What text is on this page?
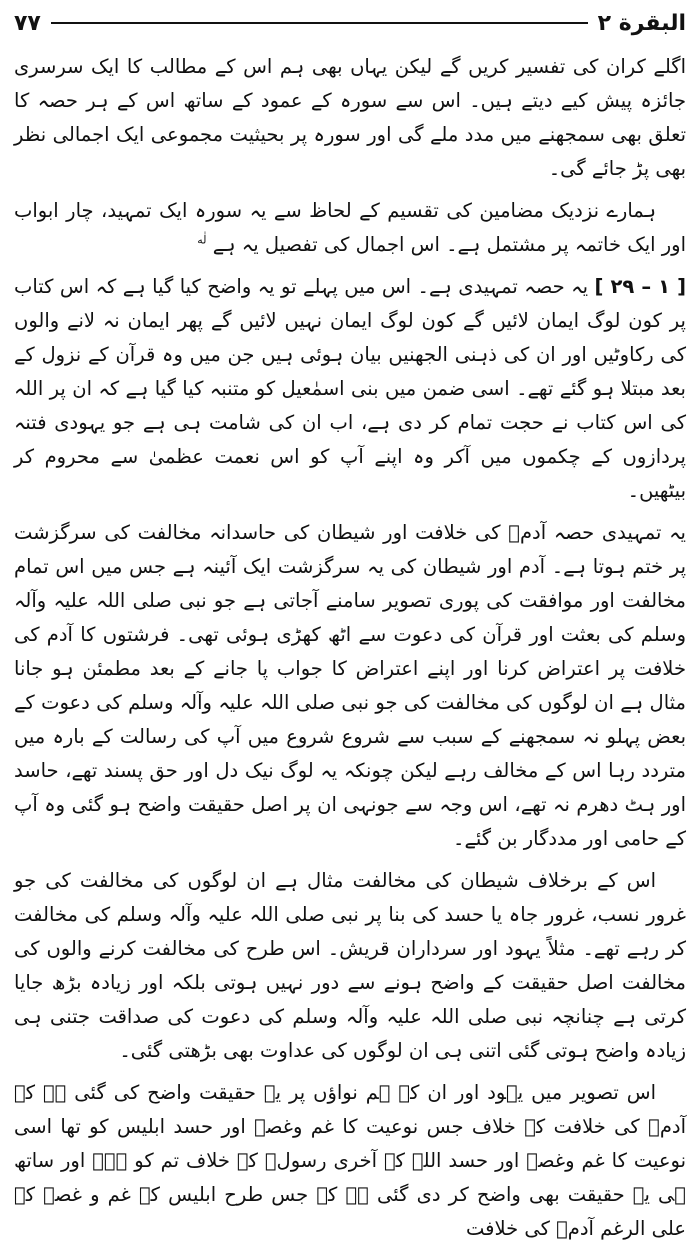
البقرة ۲
۷۷

اگلے کران کی تفسیر کریں گے لیکن یہاں بھی ہم اس کے مطالب کا ایک سرسری جائزہ پیش کیے دیتے ہیں۔ اس سے سورہ کے عمود کے ساتھ اس کے ہر حصہ کا تعلق بھی سمجھنے میں مدد ملے گی اور سورہ پر بحیثیت مجموعی ایک اجمالی نظر بھی پڑ جائے گی۔

ہمارے نزدیک مضامین کی تقسیم کے لحاظ سے یہ سورہ ایک تمہید، چار ابواب اور ایک خاتمہ پر مشتمل ہے۔ اس اجمال کی تفصیل یہ ہے $^{لٰه}$

[ ۱ – ۲۹ ] یہ حصہ تمہیدی ہے۔ اس میں پہلے تو یہ واضح کیا گیا ہے کہ اس کتاب پر کون لوگ ایمان لائیں گے کون لوگ ایمان نہیں لائیں گے پھر ایمان نہ لانے والوں کی رکاوٹیں اور ان کی ذہنی الجھنیں بیان ہوئی ہیں جن میں وہ قرآن کے نزول کے بعد مبتلا ہو گئے تھے۔ اسی ضمن میں بنی اسمٰعیل کو متنبہ کیا گیا ہے کہ ان پر اللہ کی اس کتاب نے حجت تمام کر دی ہے، اب ان کی شامت ہی ہے جو یہودی فتنہ پردازوں کے چکموں میں آکر وہ اپنے آپ کو اس نعمت عظمیٰ سے محروم کر بیٹھیں۔

یہ تمہیدی حصہ آدمؑ کی خلافت اور شیطان کی حاسدانہ مخالفت کی سرگزشت پر ختم ہوتا ہے۔ آدم اور شیطان کی یہ سرگزشت ایک آئینہ ہے جس میں اس تمام مخالفت اور موافقت کی پوری تصویر سامنے آجاتی ہے جو نبی صلی اللہ علیہ وآلہ وسلم کی بعثت اور قرآن کی دعوت سے اٹھ کھڑی ہوئی تھی۔ فرشتوں کا آدم کی خلافت پر اعتراض کرنا اور اپنے اعتراض کا جواب پا جانے کے بعد مطمئن ہو جانا مثال ہے ان لوگوں کی مخالفت کی جو نبی صلی اللہ علیہ وآلہ وسلم کی دعوت کے بعض پہلو نہ سمجھنے کے سبب سے شروع شروع میں آپ کی رسالت کے بارہ میں متردد رہا اس کے مخالف رہے لیکن چونکہ یہ لوگ نیک دل اور حق پسند تھے، حاسد اور ہٹ دھرم نہ تھے، اس وجہ سے جونہی ان پر اصل حقیقت واضح ہو گئی وہ آپ کے حامی اور مددگار بن گئے۔

اس کے برخلاف شیطان کی مخالفت مثال ہے ان لوگوں کی مخالفت کی جو غرور نسب، غرور جاہ یا حسد کی بنا پر نبی صلی اللہ علیہ وآلہ وسلم کی مخالفت کر رہے تھے۔ مثلاً یہود اور سرداران قریش۔ اس طرح کی مخالفت کرنے والوں کی مخالفت اصل حقیقت کے واضح ہونے سے دور نہیں ہوتی بلکہ اور زیادہ بڑھ جایا کرتی ہے چنانچہ نبی صلی اللہ علیہ وآلہ وسلم کی دعوت کی صداقت جتنی ہی زیادہ واضح ہوتی گئی اتنی ہی ان لوگوں کی عداوت بھی بڑھتی گئی۔

اس تصویر میں یہود اور ان کے ہم نواؤں پر یہ حقیقت واضح کی گئی ہے کہ آدمؑ کی خلافت کے خلاف جس نوعیت کا غم وغصہ اور حسد ابلیس کو تھا اسی نوعیت کا غم وغصہ اور حسد اللہ کے آخری رسولؐ کے خلاف تم کو ہے۔ اور ساتھ ہی یہ حقیقت بھی واضح کر دی گئی ہے کہ جس طرح ابلیس کے غم و غصہ کے علی الرغم آدمؑ کی خلافت
